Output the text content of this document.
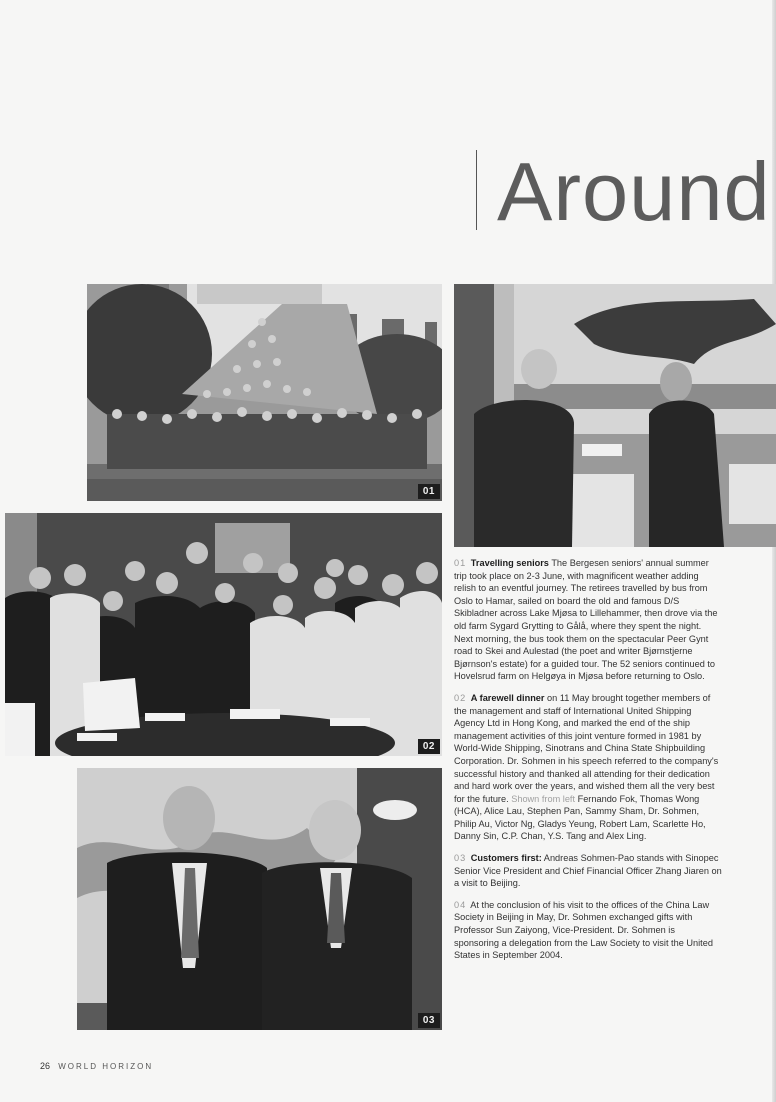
Around
01
02
03

01 Travelling seniors The Bergesen seniors' annual summer trip took place on 2-3 June, with magnificent weather adding relish to an eventful journey. The retirees travelled by bus from Oslo to Hamar, sailed on board the old and famous D/S Skibladner across Lake Mjøsa to Lillehammer, then drove via the old farm Sygard Grytting to Gålå, where they spent the night. Next morning, the bus took them on the spectacular Peer Gynt road to Skei and Aulestad (the poet and writer Bjørnstjerne Bjørnson's estate) for a guided tour. The 52 seniors continued to Hovelsrud farm on Helgøya in Mjøsa before returning to Oslo.

02 A farewell dinner on 11 May brought together members of the management and staff of International United Shipping Agency Ltd in Hong Kong, and marked the end of the ship management activities of this joint venture formed in 1981 by World-Wide Shipping, Sinotrans and China State Shipbuilding Corporation. Dr. Sohmen in his speech referred to the company's successful history and thanked all attending for their dedication and hard work over the years, and wished them all the very best for the future. Shown from left Fernando Fok, Thomas Wong (HCA), Alice Lau, Stephen Pan, Sammy Sham, Dr. Sohmen, Philip Au, Victor Ng, Gladys Yeung, Robert Lam, Scarlette Ho, Danny Sin, C.P. Chan, Y.S. Tang and Alex Ling.

03 Customers first: Andreas Sohmen-Pao stands with Sinopec Senior Vice President and Chief Financial Officer Zhang Jiaren on a visit to Beijing.

04 At the conclusion of his visit to the offices of the China Law Society in Beijing in May, Dr. Sohmen exchanged gifts with Professor Sun Zaiyong, Vice-President. Dr. Sohmen is sponsoring a delegation from the Law Society to visit the United States in September 2004.

26 WORLD HORIZON
